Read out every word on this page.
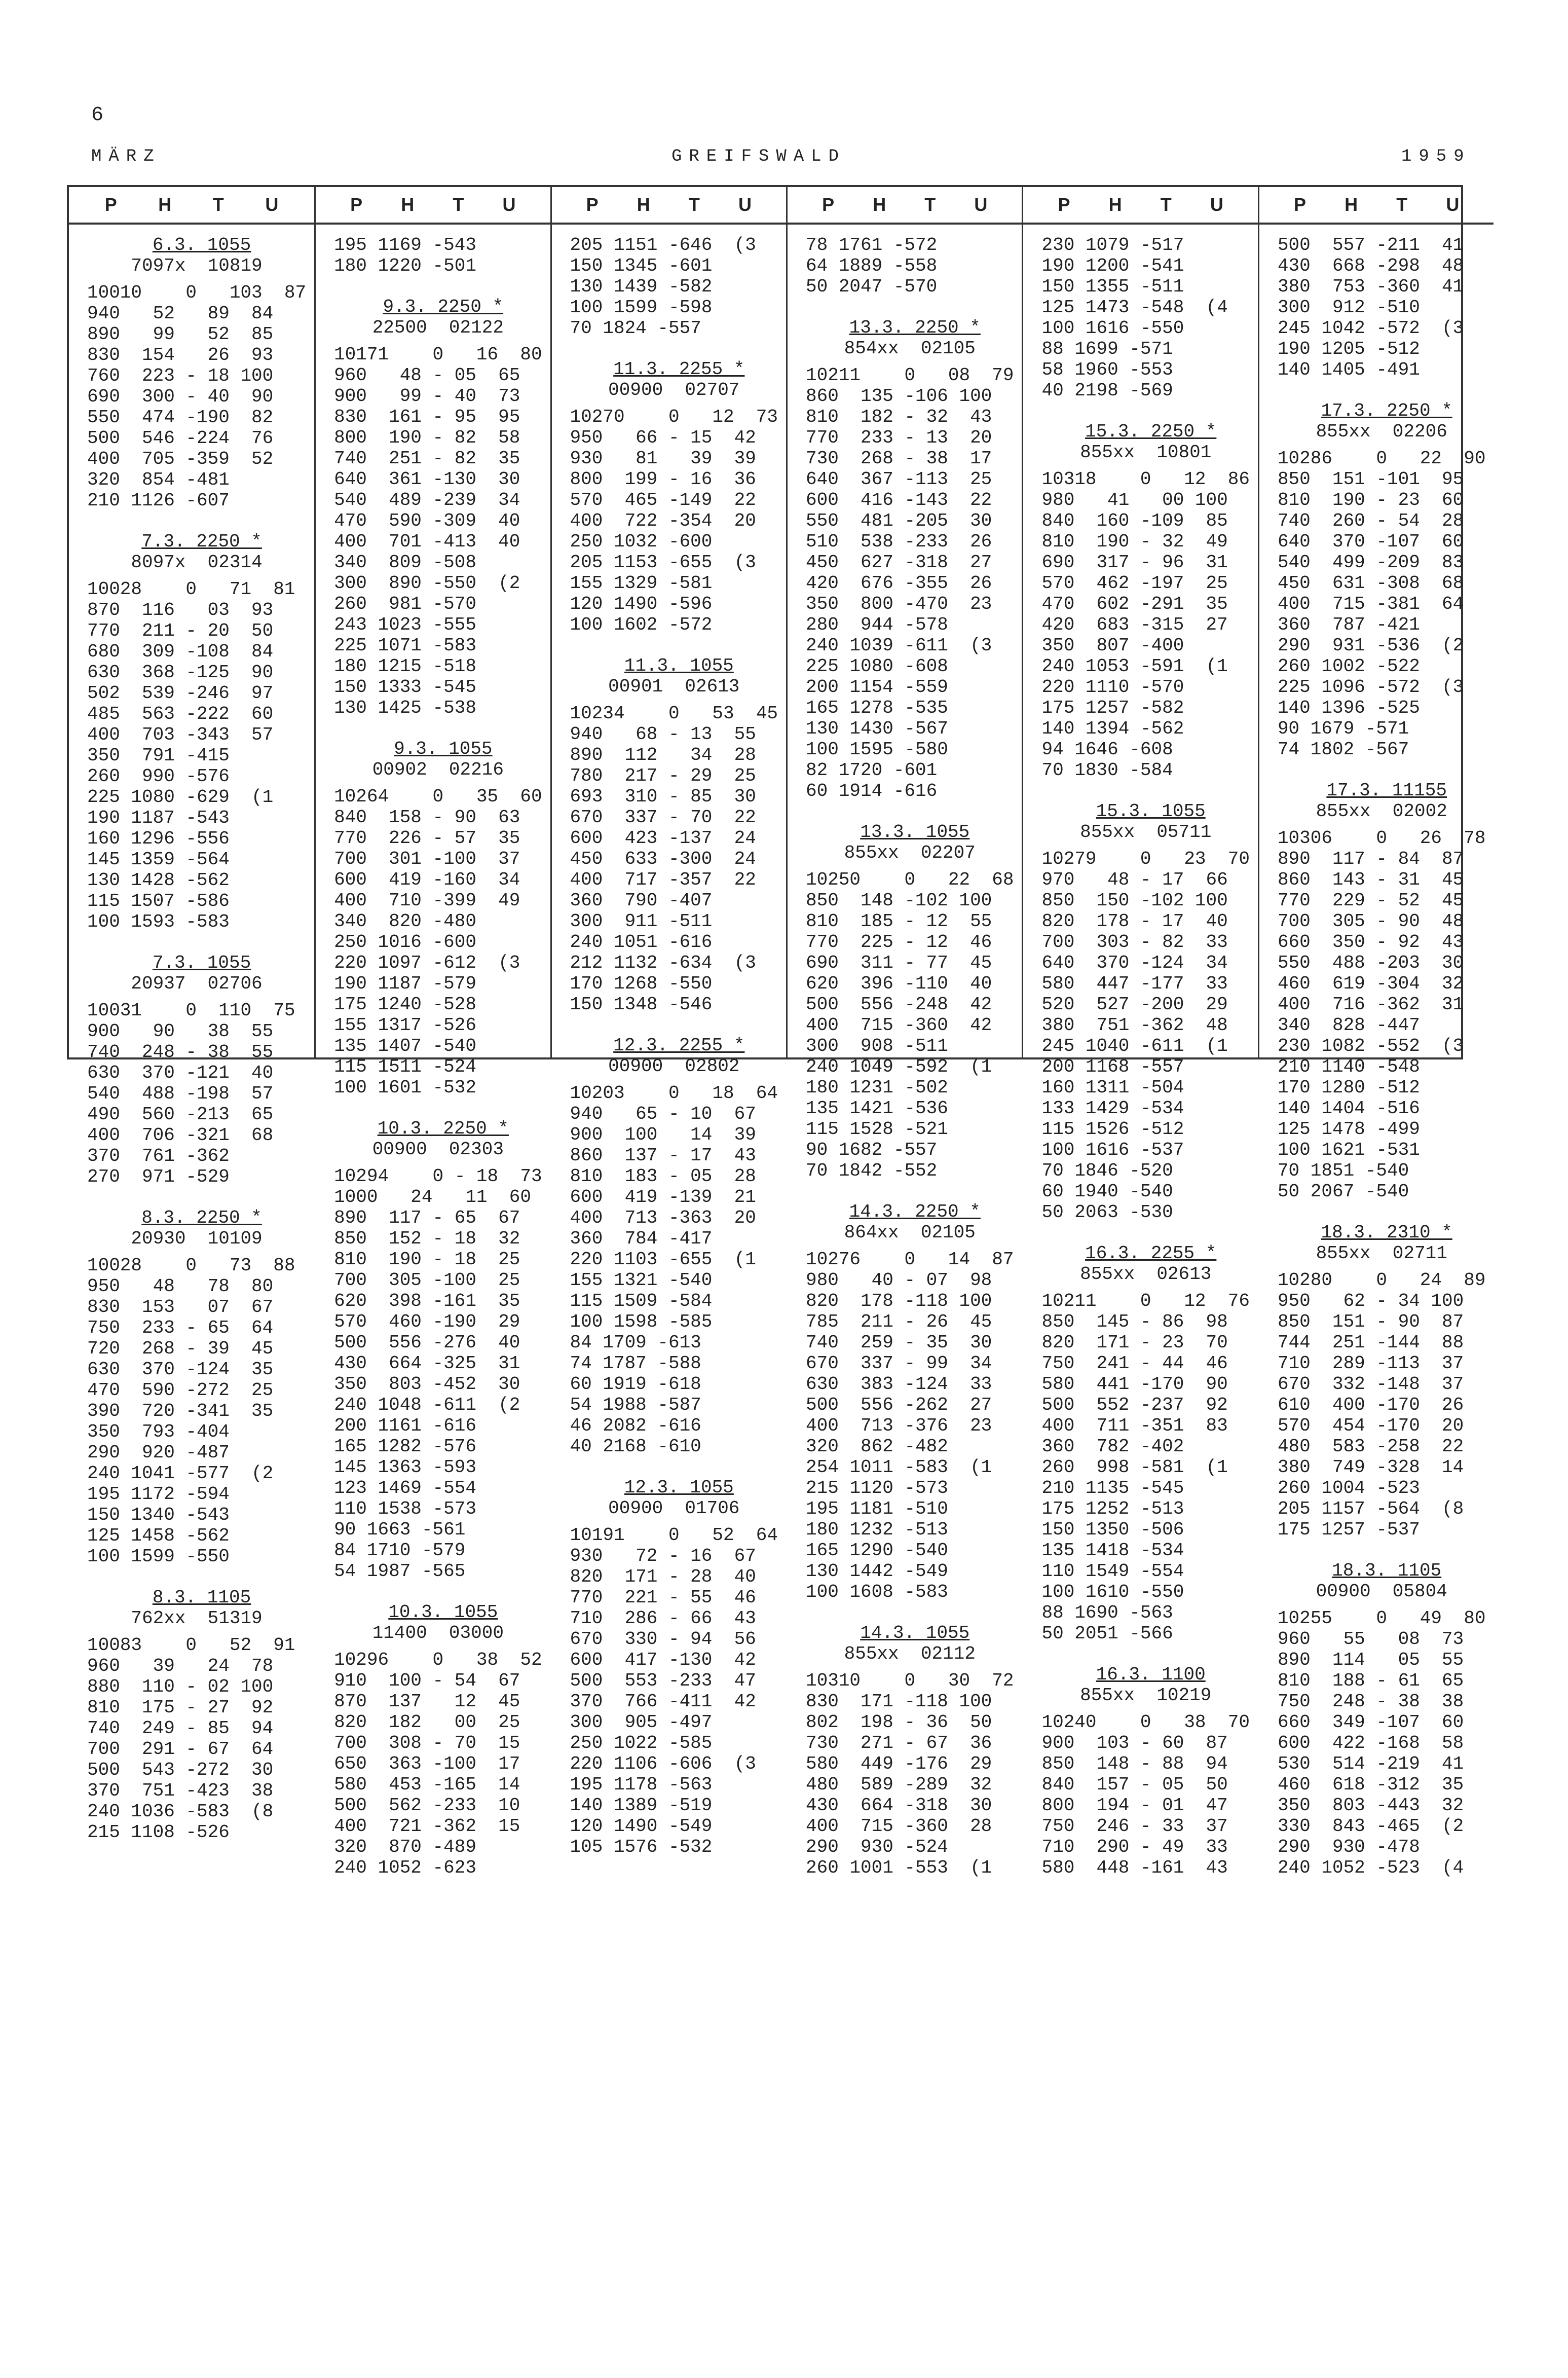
6
MÄRZ	GREIFSWALD	1959
P H T U
6.3. 1055
7097x  10819
10010    0   103  87
940   52   89  84
890   99   52  85
830  154   26  93
760  223 - 18 100
690  300 - 40  90
550  474 -190  82
500  546 -224  76
400  705 -359  52
320  854 -481
210 1126 -607
7.3. 2250 *
8097x  02314
10028    0   71  81
870  116   03  93
770  211 - 20  50
680  309 -108  84
630  368 -125  90
502  539 -246  97
485  563 -222  60
400  703 -343  57
350  791 -415
260  990 -576
225 1080 -629  (1
190 1187 -543
160 1296 -556
145 1359 -564
130 1428 -562
115 1507 -586
100 1593 -583
7.3. 1055
20937  02706
10031    0  110  75
900   90   38  55
740  248 - 38  55
630  370 -121  40
540  488 -198  57
490  560 -213  65
400  706 -321  68
370  761 -362
270  971 -529
8.3. 2250 *
20930  10109
10028    0   73  88
950   48   78  80
830  153   07  67
750  233 - 65  64
720  268 - 39  45
630  370 -124  35
470  590 -272  25
390  720 -341  35
350  793 -404
290  920 -487
240 1041 -577  (2
195 1172 -594
150 1340 -543
125 1458 -562
100 1599 -550
8.3. 1105
762xx  51319
10083    0   52  91
960   39   24  78
880  110 - 02 100
810  175 - 27  92
740  249 - 85  94
700  291 - 67  64
500  543 -272  30
370  751 -423  38
240 1036 -583  (8
215 1108 -526
P H T U
195 1169 -543
180 1220 -501
9.3. 2250 *
22500  02122
10171    0   16  80
960   48 - 05  65
900   99 - 40  73
830  161 - 95  95
800  190 - 82  58
740  251 - 82  35
640  361 -130  30
540  489 -239  34
470  590 -309  40
400  701 -413  40
340  809 -508
300  890 -550  (2
260  981 -570
243 1023 -555
225 1071 -583
180 1215 -518
150 1333 -545
130 1425 -538
9.3. 1055
00902  02216
10264    0   35  60
840  158 - 90  63
770  226 - 57  35
700  301 -100  37
600  419 -160  34
400  710 -399  49
340  820 -480
250 1016 -600
220 1097 -612  (3
190 1187 -579
175 1240 -528
155 1317 -526
135 1407 -540
115 1511 -524
100 1601 -532
10.3. 2250 *
00900  02303
10294    0 - 18  73
1000   24   11  60
890  117 - 65  67
850  152 - 18  32
810  190 - 18  25
700  305 -100  25
620  398 -161  35
570  460 -190  29
500  556 -276  40
430  664 -325  31
350  803 -452  30
240 1048 -611  (2
200 1161 -616
165 1282 -576
145 1363 -593
123 1469 -554
110 1538 -573
90 1663 -561
84 1710 -579
54 1987 -565
10.3. 1055
11400  03000
10296    0   38  52
910  100 - 54  67
870  137   12  45
820  182   00  25
700  308 - 70  15
650  363 -100  17
580  453 -165  14
500  562 -233  10
400  721 -362  15
320  870 -489
240 1052 -623
P H T U
205 1151 -646  (3
150 1345 -601
130 1439 -582
100 1599 -598
70 1824 -557
11.3. 2255 *
00900  02707
10270    0   12  73
950   66 - 15  42
930   81   39  39
800  199 - 16  36
570  465 -149  22
400  722 -354  20
250 1032 -600
205 1153 -655  (3
155 1329 -581
120 1490 -596
100 1602 -572
11.3. 1055
00901  02613
10234    0   53  45
940   68 - 13  55
890  112   34  28
780  217 - 29  25
693  310 - 85  30
670  337 - 70  22
600  423 -137  24
450  633 -300  24
400  717 -357  22
360  790 -407
300  911 -511
240 1051 -616
212 1132 -634  (3
170 1268 -550
150 1348 -546
12.3. 2255 *
00900  02802
10203    0   18  64
940   65 - 10  67
900  100   14  39
860  137 - 17  43
810  183 - 05  28
600  419 -139  21
400  713 -363  20
360  784 -417
220 1103 -655  (1
155 1321 -540
115 1509 -584
100 1598 -585
84 1709 -613
74 1787 -588
60 1919 -618
54 1988 -587
46 2082 -616
40 2168 -610
12.3. 1055
00900  01706
10191    0   52  64
930   72 - 16  67
820  171 - 28  40
770  221 - 55  46
710  286 - 66  43
670  330 - 94  56
600  417 -130  42
500  553 -233  47
370  766 -411  42
300  905 -497
250 1022 -585
220 1106 -606  (3
195 1178 -563
140 1389 -519
120 1490 -549
105 1576 -532
P H T U
78 1761 -572
64 1889 -558
50 2047 -570
13.3. 2250 *
854xx  02105
10211    0   08  79
860  135 -106 100
810  182 - 32  43
770  233 - 13  20
730  268 - 38  17
640  367 -113  25
600  416 -143  22
550  481 -205  30
510  538 -233  26
450  627 -318  27
420  676 -355  26
350  800 -470  23
280  944 -578
240 1039 -611  (3
225 1080 -608
200 1154 -559
165 1278 -535
130 1430 -567
100 1595 -580
82 1720 -601
60 1914 -616
13.3. 1055
855xx  02207
10250    0   22  68
850  148 -102 100
810  185 - 12  55
770  225 - 12  46
690  311 - 77  45
620  396 -110  40
500  556 -248  42
400  715 -360  42
300  908 -511
240 1049 -592  (1
180 1231 -502
135 1421 -536
115 1528 -521
90 1682 -557
70 1842 -552
14.3. 2250 *
864xx  02105
10276    0   14  87
980   40 - 07  98
820  178 -118 100
785  211 - 26  45
740  259 - 35  30
670  337 - 99  34
630  383 -124  33
500  556 -262  27
400  713 -376  23
320  862 -482
254 1011 -583  (1
215 1120 -573
195 1181 -510
180 1232 -513
165 1290 -540
130 1442 -549
100 1608 -583
14.3. 1055
855xx  02112
10310    0   30  72
830  171 -118 100
802  198 - 36  50
730  271 - 67  36
580  449 -176  29
480  589 -289  32
430  664 -318  30
400  715 -360  28
290  930 -524
260 1001 -553  (1
P H T U
230 1079 -517
190 1200 -541
150 1355 -511
125 1473 -548  (4
100 1616 -550
88 1699 -571
58 1960 -553
40 2198 -569
15.3. 2250 *
855xx  10801
10318    0   12  86
980   41   00 100
840  160 -109  85
810  190 - 32  49
690  317 - 96  31
570  462 -197  25
470  602 -291  35
420  683 -315  27
350  807 -400
240 1053 -591  (1
220 1110 -570
175 1257 -582
140 1394 -562
94 1646 -608
70 1830 -584
15.3. 1055
855xx  05711
10279    0   23  70
970   48 - 17  66
850  150 -102 100
820  178 - 17  40
700  303 - 82  33
640  370 -124  34
580  447 -177  33
520  527 -200  29
380  751 -362  48
245 1040 -611  (1
200 1168 -557
160 1311 -504
133 1429 -534
115 1526 -512
100 1616 -537
70 1846 -520
60 1940 -540
50 2063 -530
16.3. 2255 *
855xx  02613
10211    0   12  76
850  145 - 86  98
820  171 - 23  70
750  241 - 44  46
580  441 -170  90
500  552 -237  92
400  711 -351  83
360  782 -402
260  998 -581  (1
210 1135 -545
175 1252 -513
150 1350 -506
135 1418 -534
110 1549 -554
100 1610 -550
88 1690 -563
50 2051 -566
16.3. 1100
855xx  10219
10240    0   38  70
900  103 - 60  87
850  148 - 88  94
840  157 - 05  50
800  194 - 01  47
750  246 - 33  37
710  290 - 49  33
580  448 -161  43
P H T U
500  557 -211  41
430  668 -298  48
380  753 -360  41
300  912 -510
245 1042 -572  (3
190 1205 -512
140 1405 -491
17.3. 2250 *
855xx  02206
10286    0   22  90
850  151 -101  95
810  190 - 23  60
740  260 - 54  28
640  370 -107  60
540  499 -209  83
450  631 -308  68
400  715 -381  64
360  787 -421
290  931 -536  (2
260 1002 -522
225 1096 -572  (3
140 1396 -525
90 1679 -571
74 1802 -567
17.3. 11155
855xx  02002
10306    0   26  78
890  117 - 84  87
860  143 - 31  45
770  229 - 52  45
700  305 - 90  48
660  350 - 92  43
550  488 -203  30
460  619 -304  32
400  716 -362  31
340  828 -447
230 1082 -552  (3
210 1140 -548
170 1280 -512
140 1404 -516
125 1478 -499
100 1621 -531
70 1851 -540
50 2067 -540
18.3. 2310 *
855xx  02711
10280    0   24  89
950   62 - 34 100
850  151 - 90  87
744  251 -144  88
710  289 -113  37
670  332 -148  37
610  400 -170  26
570  454 -170  20
480  583 -258  22
380  749 -328  14
260 1004 -523
205 1157 -564  (8
175 1257 -537
18.3. 1105
00900  05804
10255    0   49  80
960   55   08  73
890  114   05  55
810  188 - 61  65
750  248 - 38  38
660  349 -107  60
600  422 -168  58
530  514 -219  41
460  618 -312  35
350  803 -443  32
330  843 -465  (2
290  930 -478
240 1052 -523  (4
